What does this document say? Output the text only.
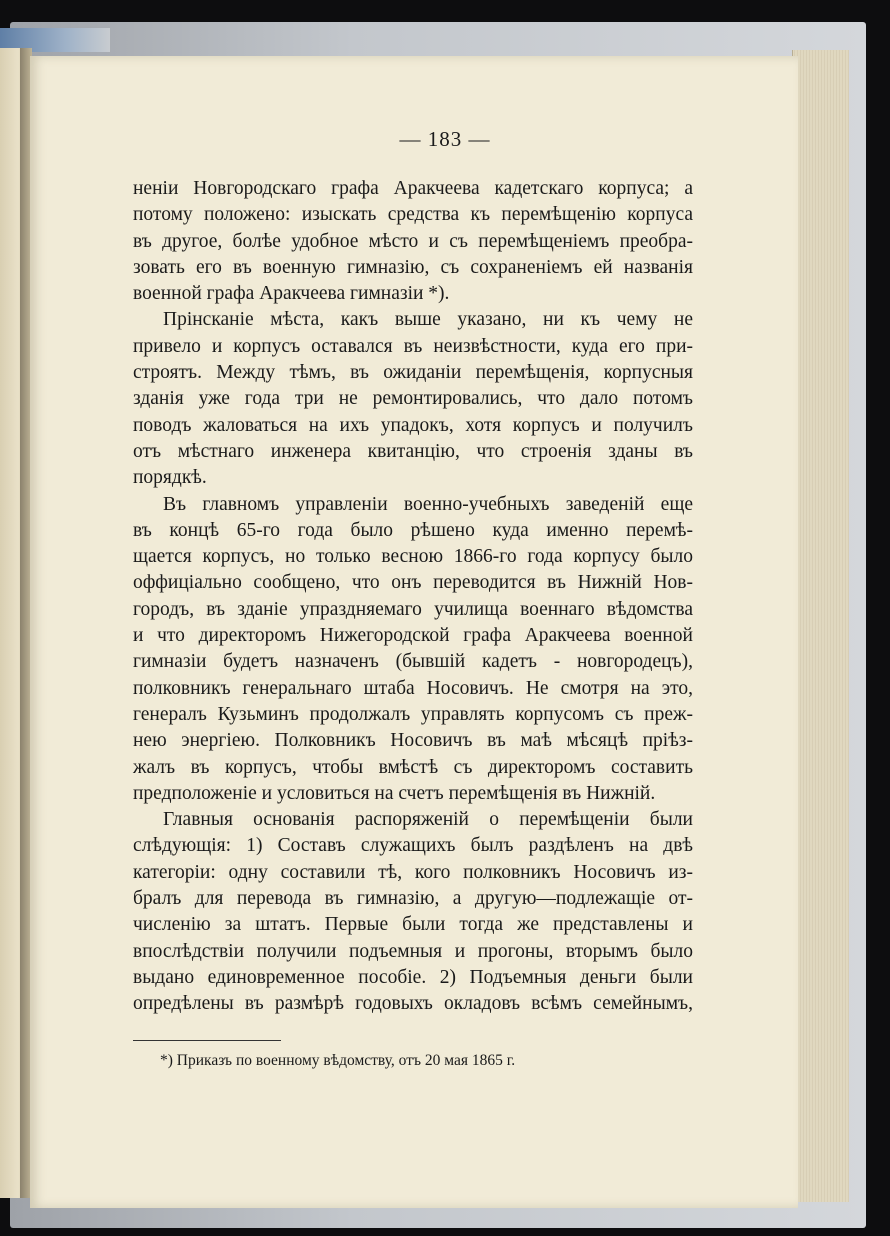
— 183 —

неніи Новгородскаго графа Аракчеева кадетскаго корпуса; а

потому положено: изыскать средства къ перемѣщенію корпуса

въ другое, болѣе удобное мѣсто и съ перемѣщеніемъ преобра-

зовать его въ военную гимназію, съ сохраненіемъ ей названія

военной графа Аракчеева гимназіи *).

Прінсканіе мѣста, какъ выше указано, ни къ чему не

привело и корпусъ оставался въ неизвѣстности, куда его при-

строятъ. Между тѣмъ, въ ожиданіи перемѣщенія, корпусныя

зданія уже года три не ремонтировались, что дало потомъ

поводъ жаловаться на ихъ упадокъ, хотя корпусъ и получилъ

отъ мѣстнаго инженера квитанцію, что строенія зданы въ

порядкѣ.

Въ главномъ управленіи военно-учебныхъ заведеній еще

въ концѣ 65-го года было рѣшено куда именно перемѣ-

щается корпусъ, но только весною 1866-го года корпусу было

оффиціально сообщено, что онъ переводится въ Нижній Нов-

городъ, въ зданіе упраздняемаго училища военнаго вѣдомства

и что директоромъ Нижегородской графа Аракчеева военной

гимназіи будетъ назначенъ (бывшій кадетъ - новгородецъ),

полковникъ генеральнаго штаба Носовичъ. Не смотря на это,

генералъ Кузьминъ продолжалъ управлять корпусомъ съ преж-

нею энергіею. Полковникъ Носовичъ въ маѣ мѣсяцѣ пріѣз-

жалъ въ корпусъ, чтобы вмѣстѣ съ директоромъ составить

предположеніе и условиться на счетъ перемѣщенія въ Нижній.

Главныя основанія распоряженій о перемѣщеніи были

слѣдующія: 1) Составъ служащихъ былъ раздѣленъ на двѣ

категоріи: одну составили тѣ, кого полковникъ Носовичъ из-

бралъ для перевода въ гимназію, а другую—подлежащіе от-

численію за штатъ. Первые были тогда же представлены и

впослѣдствіи получили подъемныя и прогоны, вторымъ было

выдано единовременное пособіе. 2) Подъемныя деньги были

опредѣлены въ размѣрѣ годовыхъ окладовъ всѣмъ семейнымъ,

*) Приказъ по военному вѣдомству, отъ 20 мая 1865 г.
